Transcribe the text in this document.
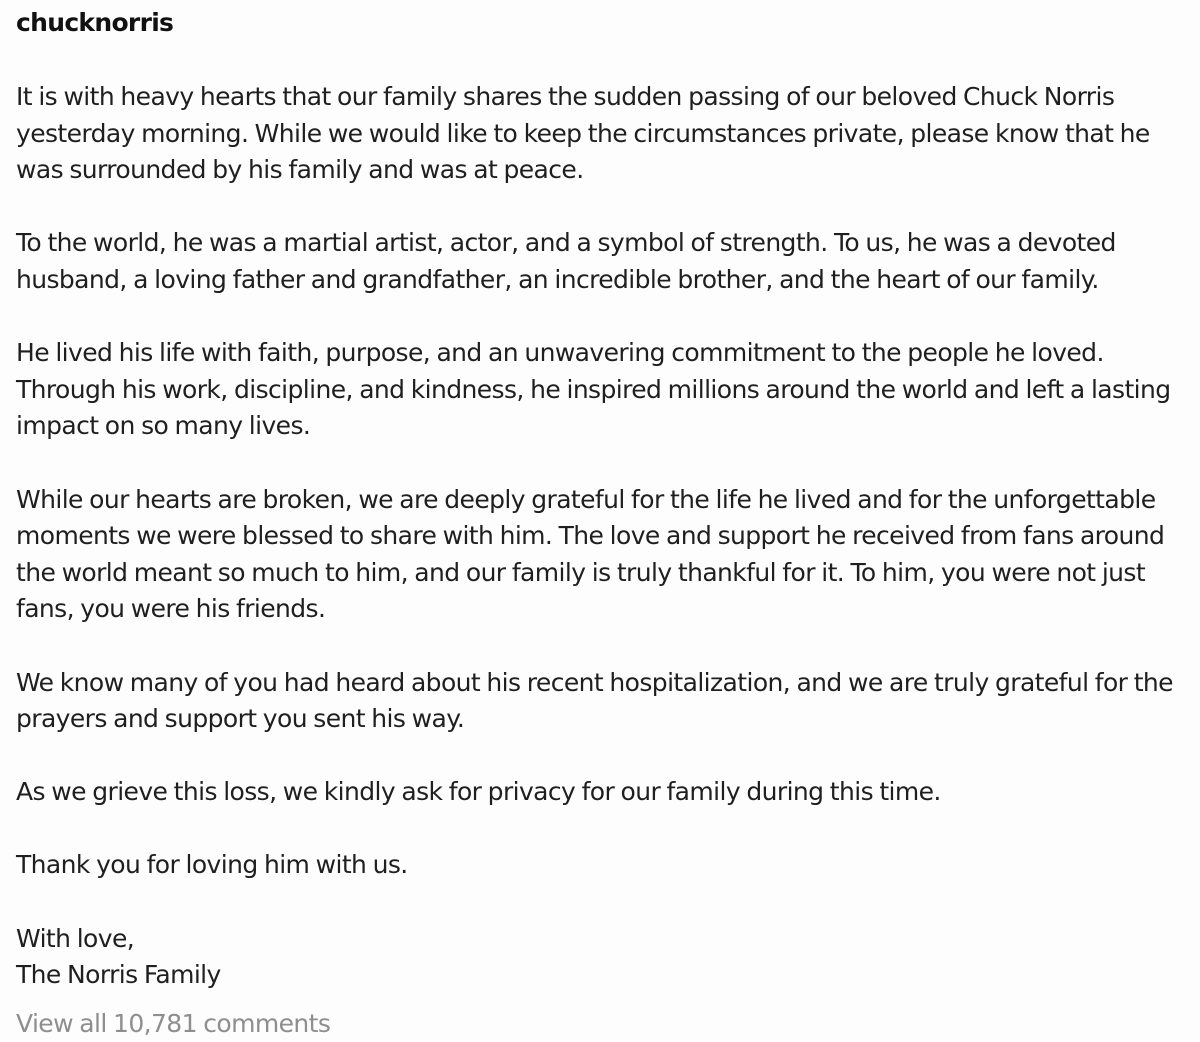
chucknorris

It is with heavy hearts that our family shares the sudden passing of our beloved Chuck Norris yesterday morning. While we would like to keep the circumstances private, please know that he was surrounded by his family and was at peace.

To the world, he was a martial artist, actor, and a symbol of strength. To us, he was a devoted husband, a loving father and grandfather, an incredible brother, and the heart of our family.

He lived his life with faith, purpose, and an unwavering commitment to the people he loved. Through his work, discipline, and kindness, he inspired millions around the world and left a lasting impact on so many lives.

While our hearts are broken, we are deeply grateful for the life he lived and for the unforgettable moments we were blessed to share with him. The love and support he received from fans around the world meant so much to him, and our family is truly thankful for it. To him, you were not just fans, you were his friends.

We know many of you had heard about his recent hospitalization, and we are truly grateful for the prayers and support you sent his way.

As we grieve this loss, we kindly ask for privacy for our family during this time.

Thank you for loving him with us.

With love,
The Norris Family
View all 10,781 comments
